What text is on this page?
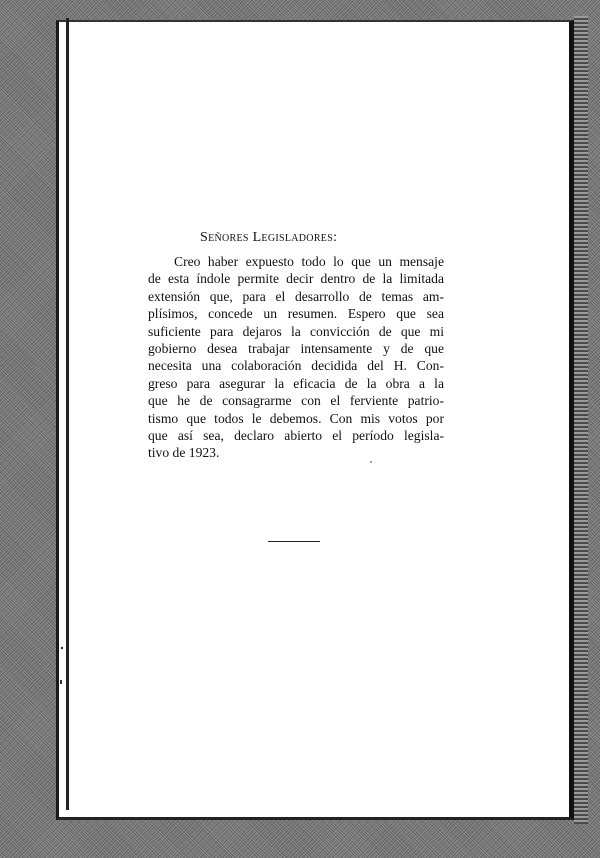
Señores Legisladores:
Creo haber expuesto todo lo que un mensaje
de esta índole permite decir dentro de la limitada
extensión que, para el desarrollo de temas am-
plísimos, concede un resumen. Espero que sea
suficiente para dejaros la convicción de que mi
gobierno desea trabajar intensamente y de que
necesita una colaboración decidida del H. Con-
greso para asegurar la eficacia de la obra a la
que he de consagrarme con el ferviente patrio-
tismo que todos le debemos. Con mis votos por
que así sea, declaro abierto el período legisla-
tivo de 1923.
